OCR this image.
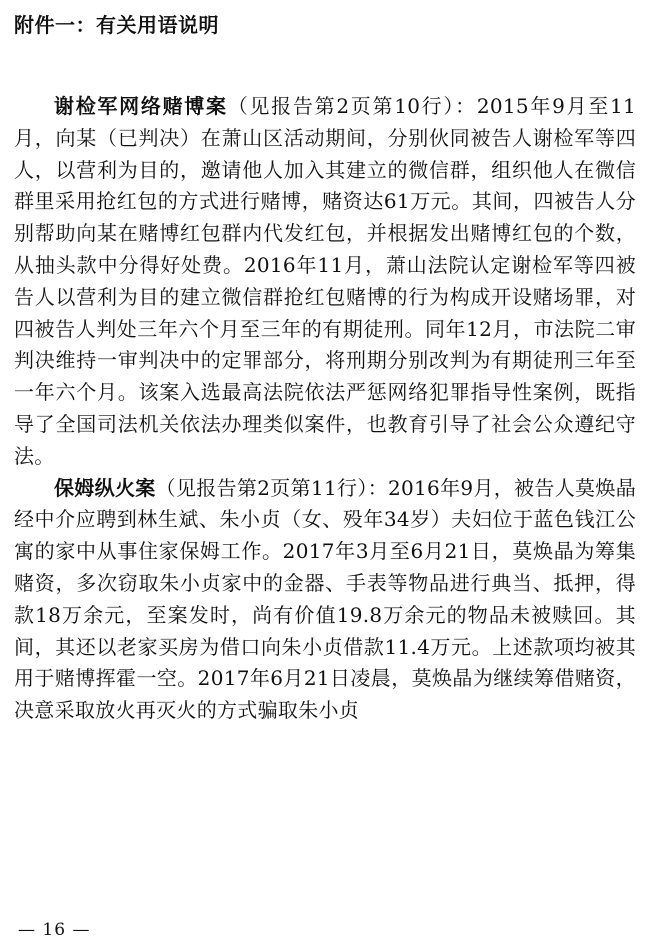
附件一：有关用语说明

谢检军网络赌博案（见报告第2页第10行）：2015年9月至11月，向某（已判决）在萧山区活动期间，分别伙同被告人谢检军等四人，以营利为目的，邀请他人加入其建立的微信群，组织他人在微信群里采用抢红包的方式进行赌博，赌资达61万元。其间，四被告人分别帮助向某在赌博红包群内代发红包，并根据发出赌博红包的个数，从抽头款中分得好处费。2016年11月，萧山法院认定谢检军等四被告人以营利为目的建立微信群抢红包赌博的行为构成开设赌场罪，对四被告人判处三年六个月至三年的有期徒刑。同年12月，市法院二审判决维持一审判决中的定罪部分，将刑期分别改判为有期徒刑三年至一年六个月。该案入选最高法院依法严惩网络犯罪指导性案例，既指导了全国司法机关依法办理类似案件，也教育引导了社会公众遵纪守法。

保姆纵火案（见报告第2页第11行）：2016年9月，被告人莫焕晶经中介应聘到林生斌、朱小贞（女、殁年34岁）夫妇位于蓝色钱江公寓的家中从事住家保姆工作。2017年3月至6月21日，莫焕晶为筹集赌资，多次窃取朱小贞家中的金器、手表等物品进行典当、抵押，得款18万余元，至案发时，尚有价值19.8万余元的物品未被赎回。其间，其还以老家买房为借口向朱小贞借款11.4万元。上述款项均被其用于赌博挥霍一空。2017年6月21日凌晨，莫焕晶为继续筹借赌资，决意采取放火再灭火的方式骗取朱小贞

— 16 —
